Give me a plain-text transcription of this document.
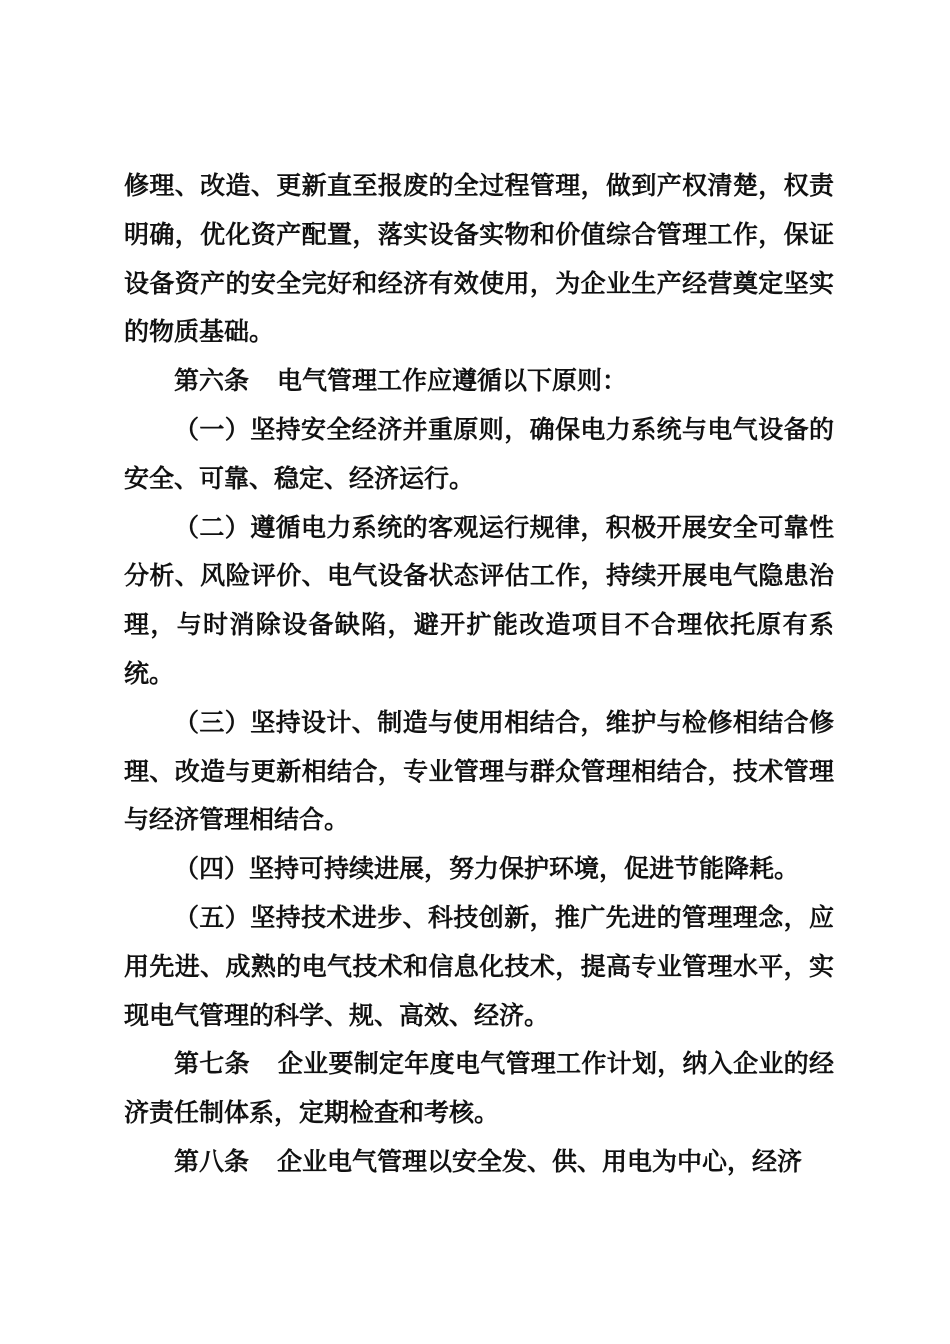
修理、改造、更新直至报废的全过程管理，做到产权清楚，权责明确，优化资产配置，落实设备实物和价值综合管理工作，保证设备资产的安全完好和经济有效使用，为企业生产经营奠定坚实的物质基础。

第六条 电气管理工作应遵循以下原则：

（一）坚持安全经济并重原则，确保电力系统与电气设备的安全、可靠、稳定、经济运行。

（二）遵循电力系统的客观运行规律，积极开展安全可靠性分析、风险评价、电气设备状态评估工作，持续开展电气隐患治理，与时消除设备缺陷，避开扩能改造项目不合理依托原有系统。

（三）坚持设计、制造与使用相结合，维护与检修相结合修理、改造与更新相结合，专业管理与群众管理相结合，技术管理与经济管理相结合。

（四）坚持可持续进展，努力保护环境，促进节能降耗。

（五）坚持技术进步、科技创新，推广先进的管理理念，应用先进、成熟的电气技术和信息化技术，提高专业管理水平，实现电气管理的科学、规、高效、经济。

第七条 企业要制定年度电气管理工作计划，纳入企业的经济责任制体系，定期检查和考核。

第八条 企业电气管理以安全发、供、用电为中心，经济
